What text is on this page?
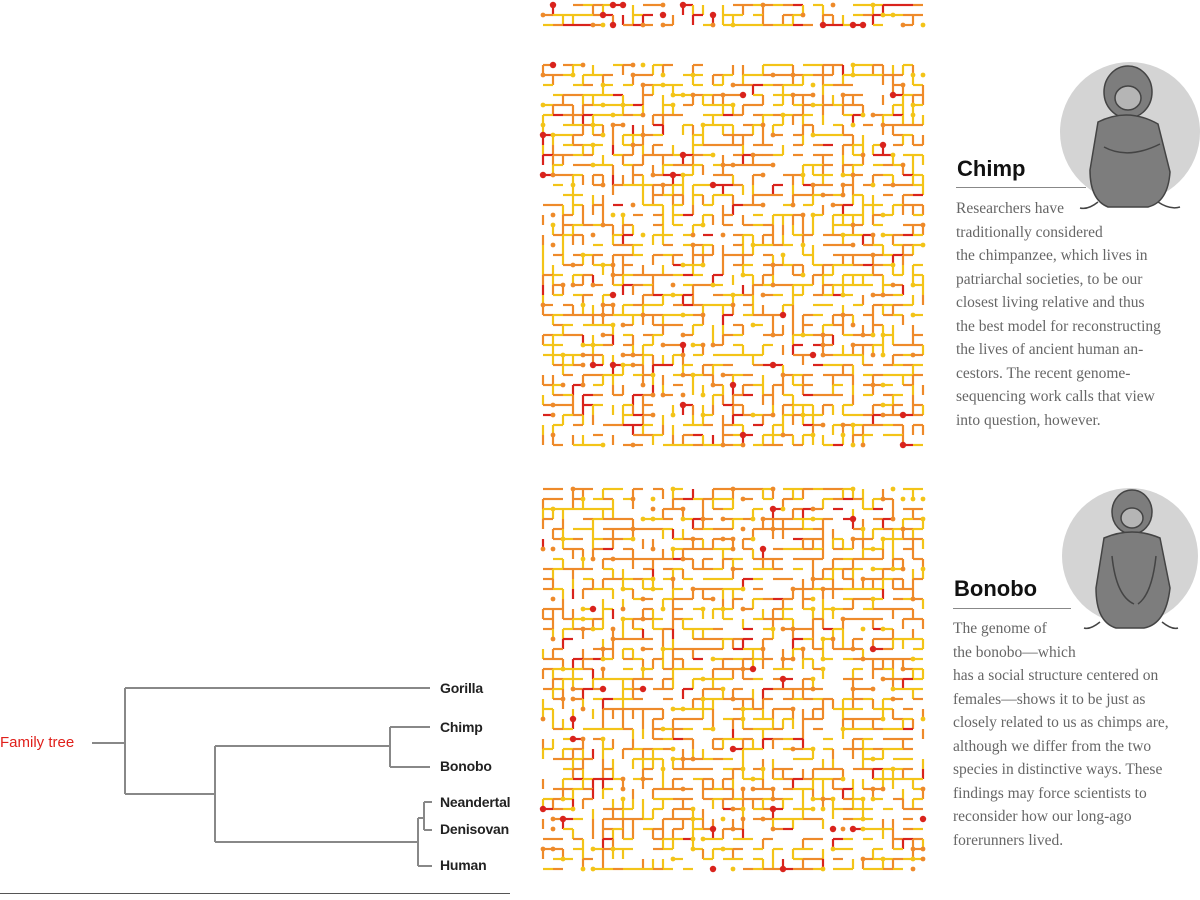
Family tree
Gorilla
Chimp
Bonobo
Neandertal
Denisovan
Human
Chimp
Researchers have
traditionally considered
the chimpanzee, which lives in
patriarchal societies, to be our
closest living relative and thus
the best model for reconstructing
the lives of ancient human an-
cestors. The recent genome-
sequencing work calls that view
into question, however.
Bonobo
The genome of
the bonobo—which
has a social structure centered on
females—shows it to be just as
closely related to us as chimps are,
although we differ from the two
species in distinctive ways. These
findings may force scientists to
reconsider how our long-ago
forerunners lived.
